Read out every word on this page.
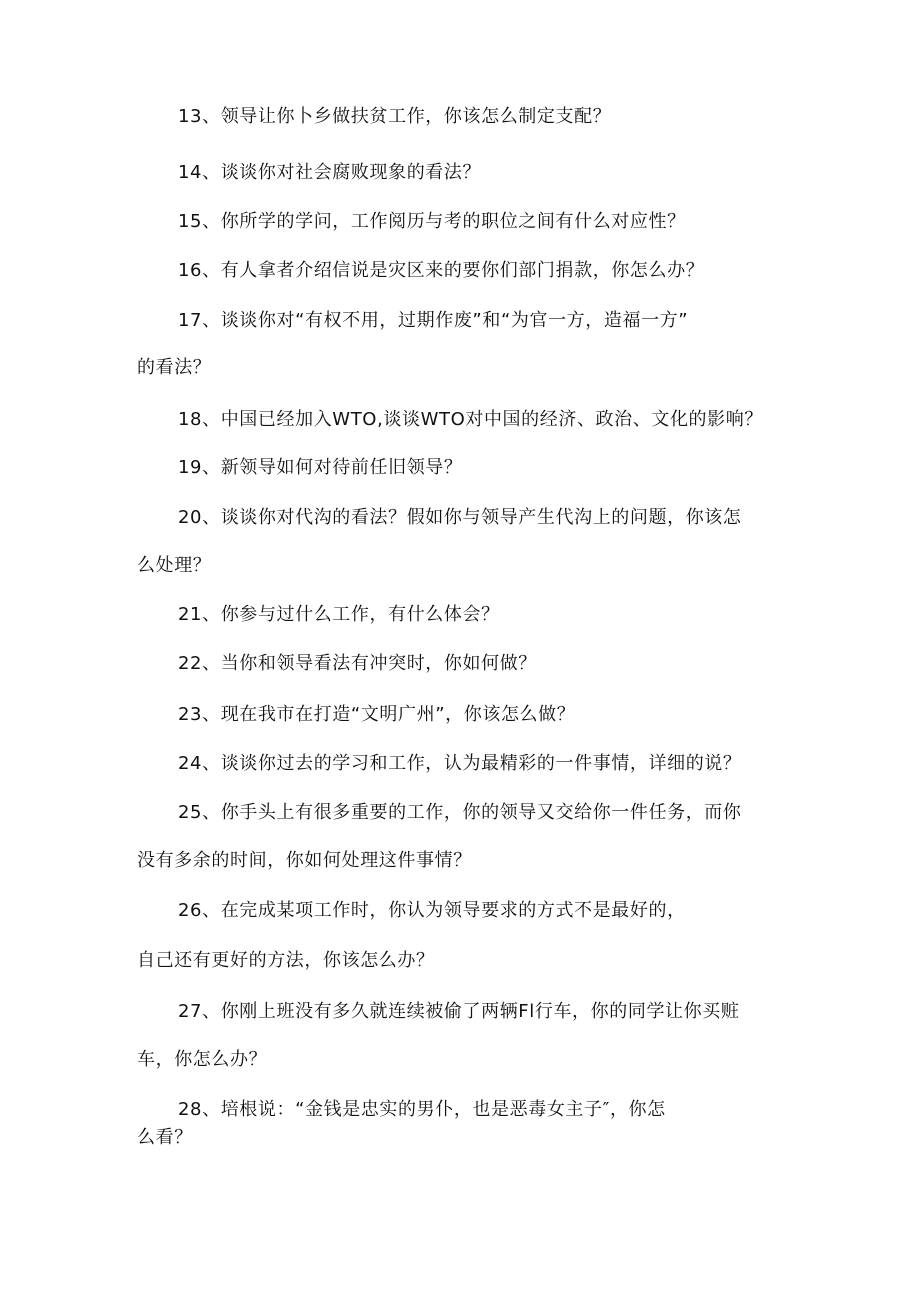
13、领导让你卜乡做扶贫工作，你该怎么制定支配？
14、谈谈你对社会腐败现象的看法？
15、你所学的学问，工作阅历与考的职位之间有什么对应性？
16、有人拿者介绍信说是灾区来的要你们部门捐款，你怎么办？
17、谈谈你对“有权不用，过期作废”和“为官一方，造福一方”
的看法？
18、中国已经加入WTO,谈谈WTO对中国的经济、政治、文化的影响？
19、新领导如何对待前任旧领导？
20、谈谈你对代沟的看法？假如你与领导产生代沟上的问题，你该怎
么处理？
21、你参与过什么工作，有什么体会？
22、当你和领导看法有冲突时，你如何做？
23、现在我市在打造“文明广州”，你该怎么做？
24、谈谈你过去的学习和工作，认为最精彩的一件事情，详细的说？
25、你手头上有很多重要的工作，你的领导又交给你一件任务，而你
没有多余的时间，你如何处理这件事情？
26、在完成某项工作时，你认为领导要求的方式不是最好的，
自己还有更好的方法，你该怎么办？
27、你刚上班没有多久就连续被偷了两辆Fl行车，你的同学让你买赃
车，你怎么办？
28、培根说：“金钱是忠实的男仆，也是恶毒女主子″，你怎
么看？
